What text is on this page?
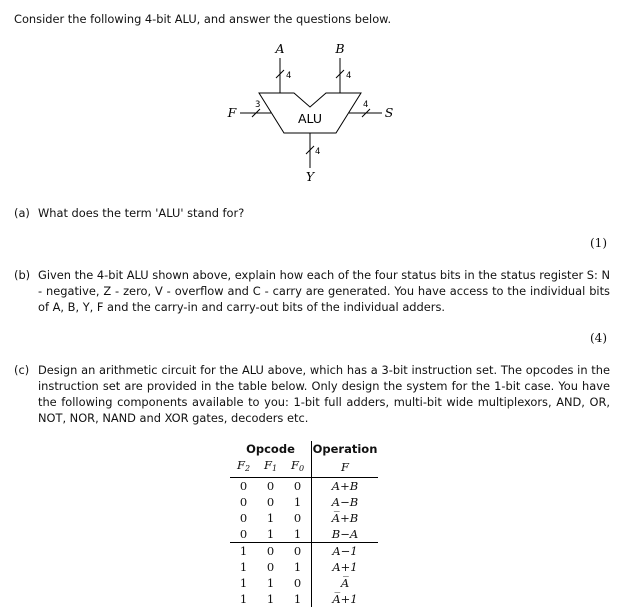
Consider the following 4-bit ALU, and answer the questions below.
ALU
A	B
F	S
Y
4	4
3	4
4
(a) What does the term 'ALU' stand for?
(1)
(b) Given the 4-bit ALU shown above, explain how each of the four status bits in the status register S: N - negative, Z - zero, V - overflow and C - carry are generated. You have access to the individual bits of A, B, Y, F and the carry-in and carry-out bits of the individual adders.
(4)
(c) Design an arithmetic circuit for the ALU above, which has a 3-bit instruction set. The opcodes in the instruction set are provided in the table below. Only design the system for the 1-bit case. You have the following components available to you: 1-bit full adders, multi-bit wide multiplexors, AND, OR, NOT, NOR, NAND and XOR gates, decoders etc.
Opcode			Operation
$F_2$	$F_1$	$F_0$	F
0	0	0	A+B
0	0	1	A−B
0	1	0	A̅+B
0	1	1	B−A
1	0	0	A−1
1	0	1	A+1
1	1	0	A̅
1	1	1	A̅+1
